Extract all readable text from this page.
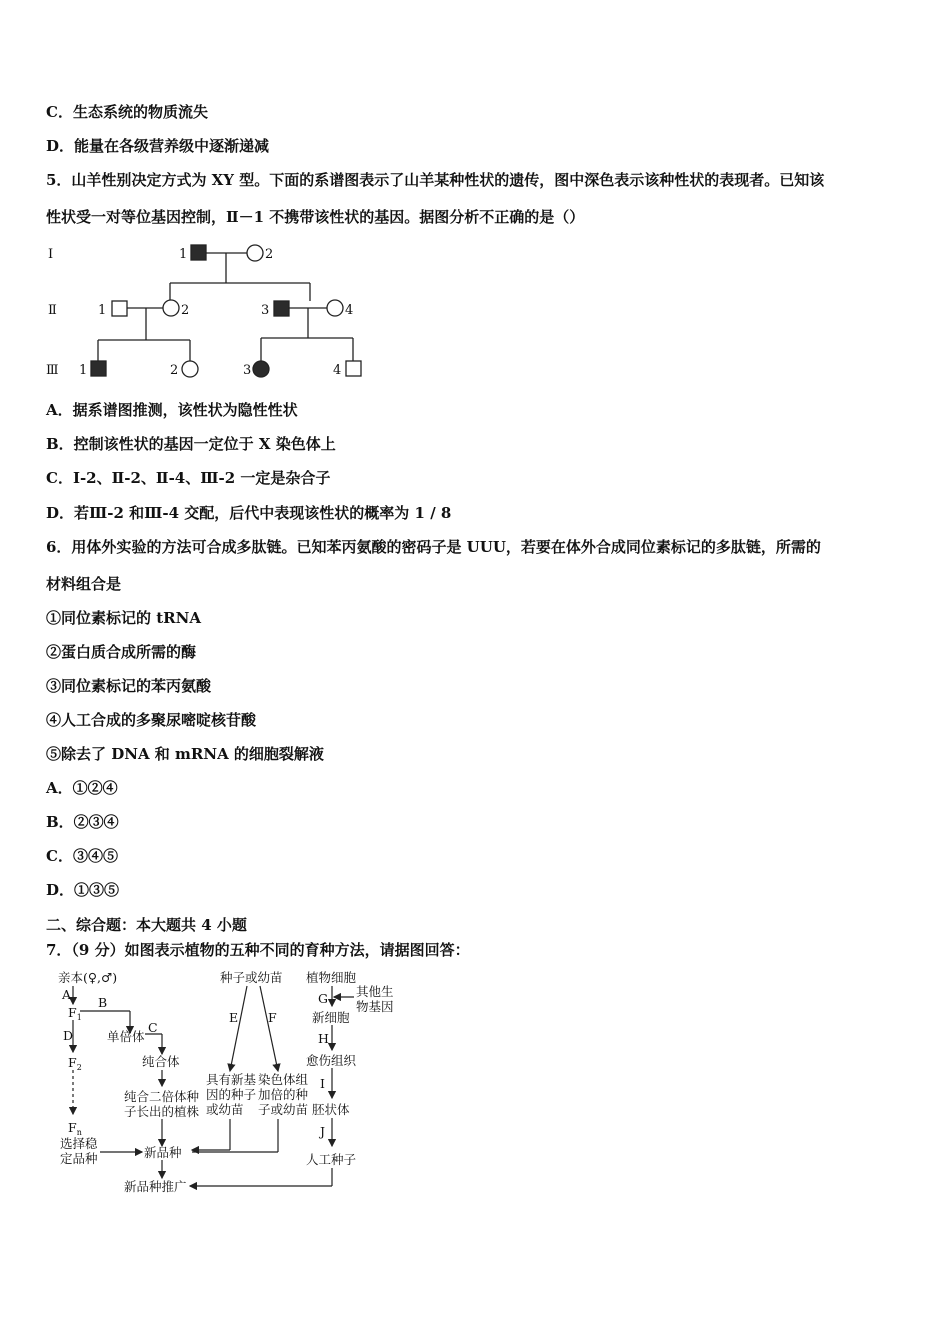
C．生态系统的物质流失
D．能量在各级营养级中逐渐递减
5．山羊性别决定方式为 XY 型。下面的系谱图表示了山羊某种性状的遗传，图中深色表示该种性状的表现者。已知该
性状受一对等位基因控制，Ⅱ－1 不携带该性状的基因。据图分析不正确的是（）
Ⅰ
Ⅱ
Ⅲ
1	2
1	2	3	4
1	2	3	4
A．据系谱图推测，该性状为隐性性状
B．控制该性状的基因一定位于 X 染色体上
C．I-2、Ⅱ-2、Ⅱ-4、Ⅲ-2 一定是杂合子
D．若Ⅲ-2 和Ⅲ-4 交配，后代中表现该性状的概率为 1 / 8
6．用体外实验的方法可合成多肽链。已知苯丙氨酸的密码子是 UUU，若要在体外合成同位素标记的多肽链，所需的
材料组合是
①同位素标记的 tRNA
②蛋白质合成所需的酶
③同位素标记的苯丙氨酸
④人工合成的多聚尿嘧啶核苷酸
⑤除去了 DNA 和 mRNA 的细胞裂解液
A．①②④
B．②③④
C．③④⑤
D．①③⑤
二、综合题：本大题共 4 小题
7．（9 分）如图表示植物的五种不同的育种方法，请据图回答：
亲本(♀,♂)
A
B
$F_1$
D	单倍体
C
纯合体
$F_2$
纯合二倍体种
子长出的植株
$F_n$
选择稳
定品种	新品种
新品种推广
种子或幼苗
E F
具有新基
因的种子
或幼苗
染色体组
加倍的种
子或幼苗
植物细胞
G 其他生
物基因
新细胞
H
愈伤组织
I
胚状体
J
人工种子
